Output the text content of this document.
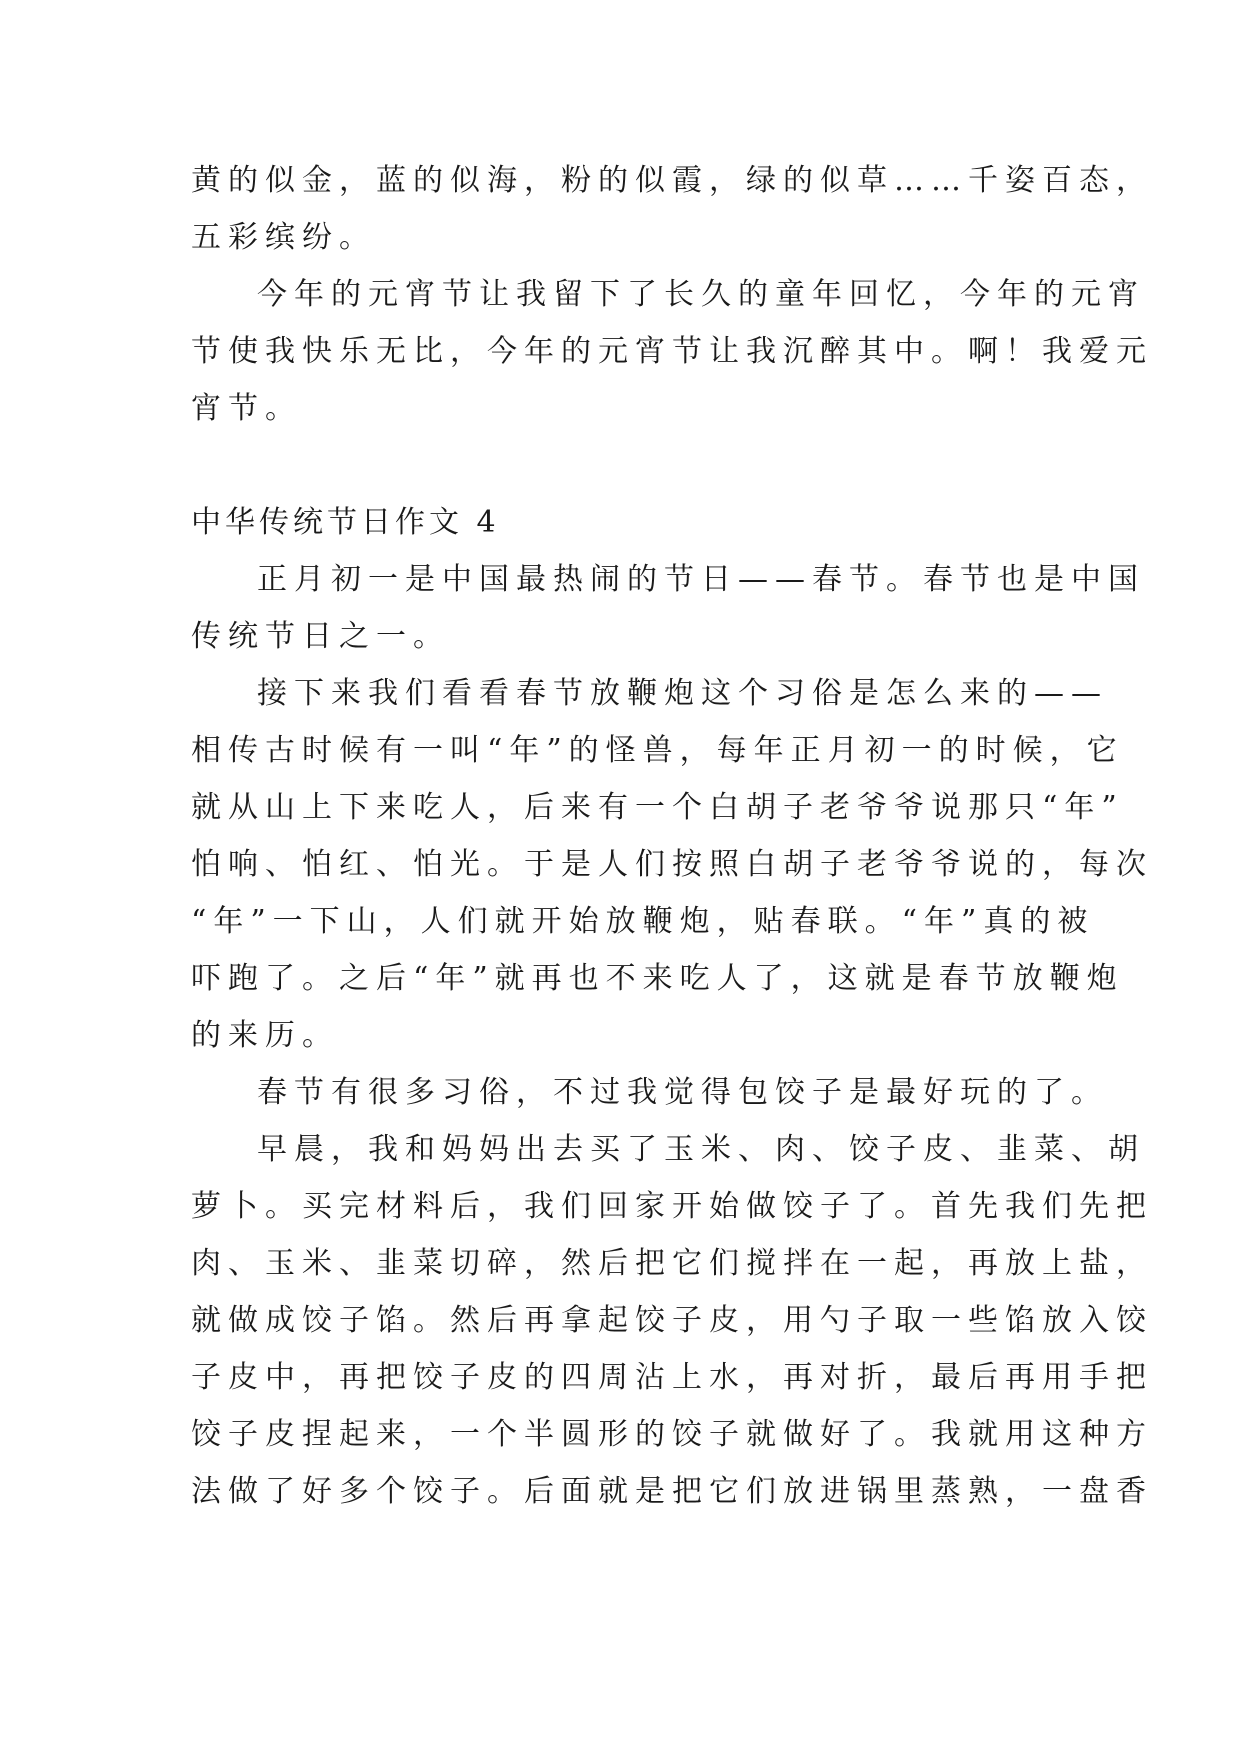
黄的似金，蓝的似海，粉的似霞，绿的似草……千姿百态，

五彩缤纷。

今年的元宵节让我留下了长久的童年回忆，今年的元宵

节使我快乐无比，今年的元宵节让我沉醉其中。啊！我爱元

宵节。

中华传统节日作文 4

正月初一是中国最热闹的节日——春节。春节也是中国

传统节日之一。

接下来我们看看春节放鞭炮这个习俗是怎么来的——

相传古时候有一叫“年”的怪兽，每年正月初一的时候，它

就从山上下来吃人，后来有一个白胡子老爷爷说那只“年”

怕响、怕红、怕光。于是人们按照白胡子老爷爷说的，每次

“年”一下山，人们就开始放鞭炮，贴春联。“年”真的被

吓跑了。之后“年”就再也不来吃人了，这就是春节放鞭炮

的来历。

春节有很多习俗，不过我觉得包饺子是最好玩的了。

早晨，我和妈妈出去买了玉米、肉、饺子皮、韭菜、胡

萝卜。买完材料后，我们回家开始做饺子了。首先我们先把

肉、玉米、韭菜切碎，然后把它们搅拌在一起，再放上盐，

就做成饺子馅。然后再拿起饺子皮，用勺子取一些馅放入饺

子皮中，再把饺子皮的四周沾上水，再对折，最后再用手把

饺子皮捏起来，一个半圆形的饺子就做好了。我就用这种方

法做了好多个饺子。后面就是把它们放进锅里蒸熟，一盘香
